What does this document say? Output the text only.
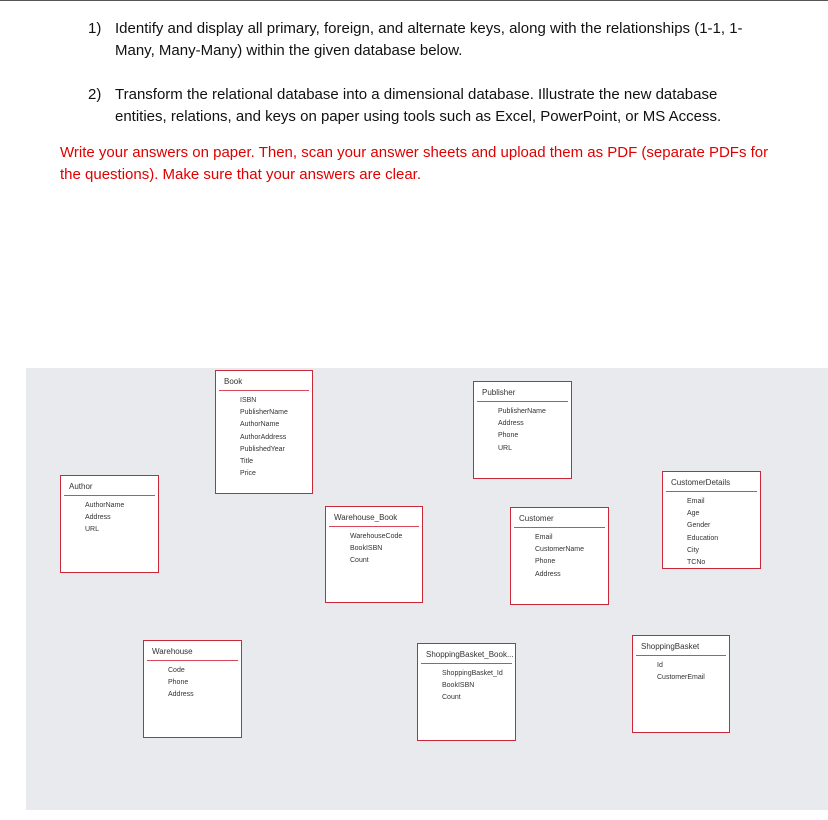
1) Identify and display all primary, foreign, and alternate keys, along with the relationships (1-1, 1-Many, Many-Many) within the given database below.
2) Transform the relational database into a dimensional database. Illustrate the new database entities, relations, and keys on paper using tools such as Excel, PowerPoint, or MS Access.
Write your answers on paper. Then, scan your answer sheets and upload them as PDF (separate PDFs for the questions). Make sure that your answers are clear.
Book
ISBN
PublisherName
AuthorName
AuthorAddress
PublishedYear
Title
Price
Publisher
PublisherName
Address
Phone
URL
Author
AuthorName
Address
URL
Warehouse_Book
WarehouseCode
BookISBN
Count
Customer
Email
CustomerName
Phone
Address
CustomerDetails
Email
Age
Gender
Education
City
TCNo
Warehouse
Code
Phone
Address
ShoppingBasket_Book...
ShoppingBasket_Id
BookISBN
Count
ShoppingBasket
Id
CustomerEmail
